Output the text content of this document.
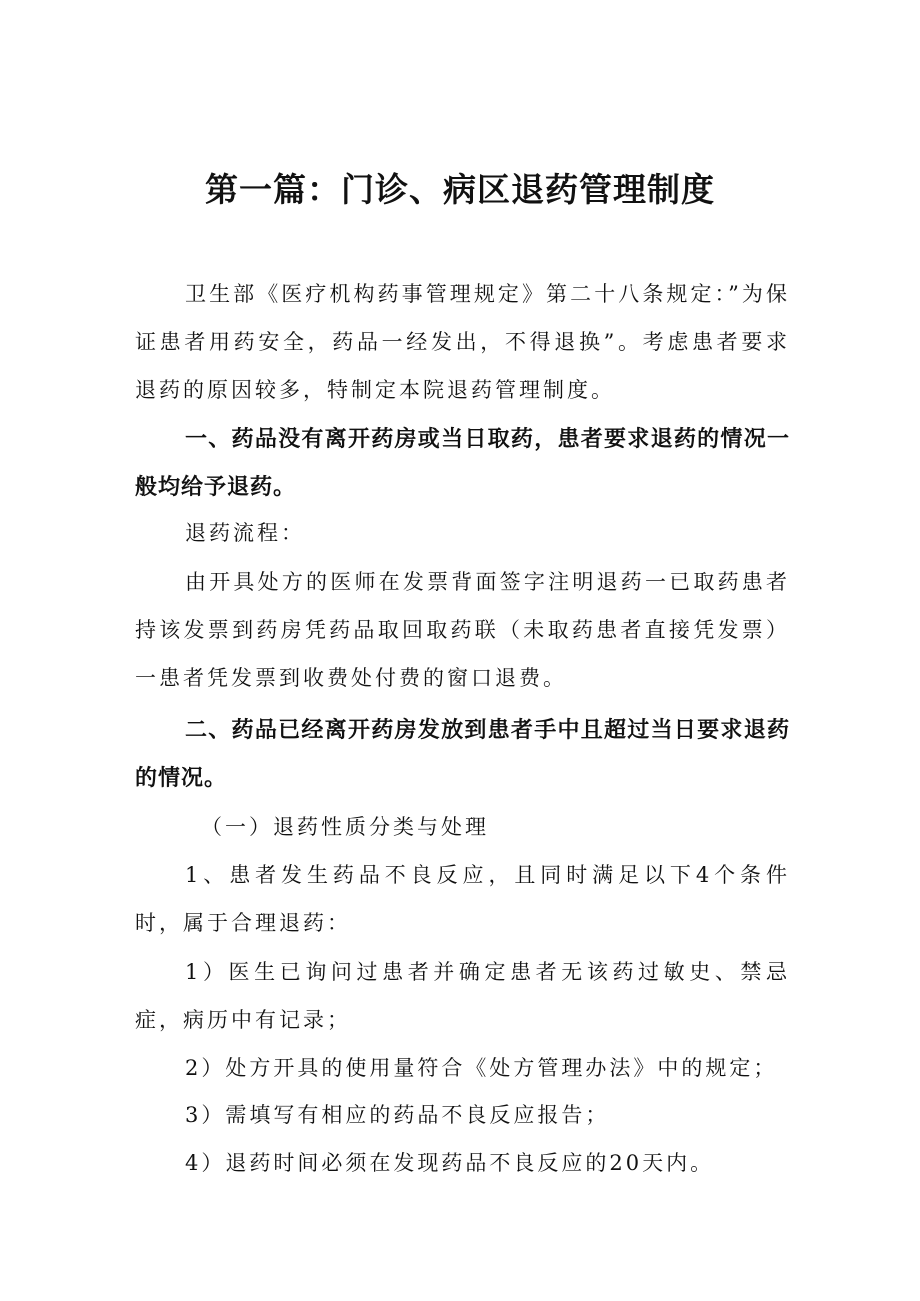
第一篇：门诊、病区退药管理制度

卫生部《医疗机构药事管理规定》第二十八条规定：”为保证患者用药安全，药品一经发出，不得退换”。考虑患者要求退药的原因较多，特制定本院退药管理制度。

一、药品没有离开药房或当日取药，患者要求退药的情况一般均给予退药。

退药流程：

由开具处方的医师在发票背面签字注明退药一已取药患者持该发票到药房凭药品取回取药联（未取药患者直接凭发票）一患者凭发票到收费处付费的窗口退费。

二、药品已经离开药房发放到患者手中且超过当日要求退药的情况。

（一）退药性质分类与处理

1、患者发生药品不良反应，且同时满足以下4个条件时，属于合理退药：

1）医生已询问过患者并确定患者无该药过敏史、禁忌症，病历中有记录；

2）处方开具的使用量符合《处方管理办法》中的规定；

3）需填写有相应的药品不良反应报告；

4）退药时间必须在发现药品不良反应的20天内。
